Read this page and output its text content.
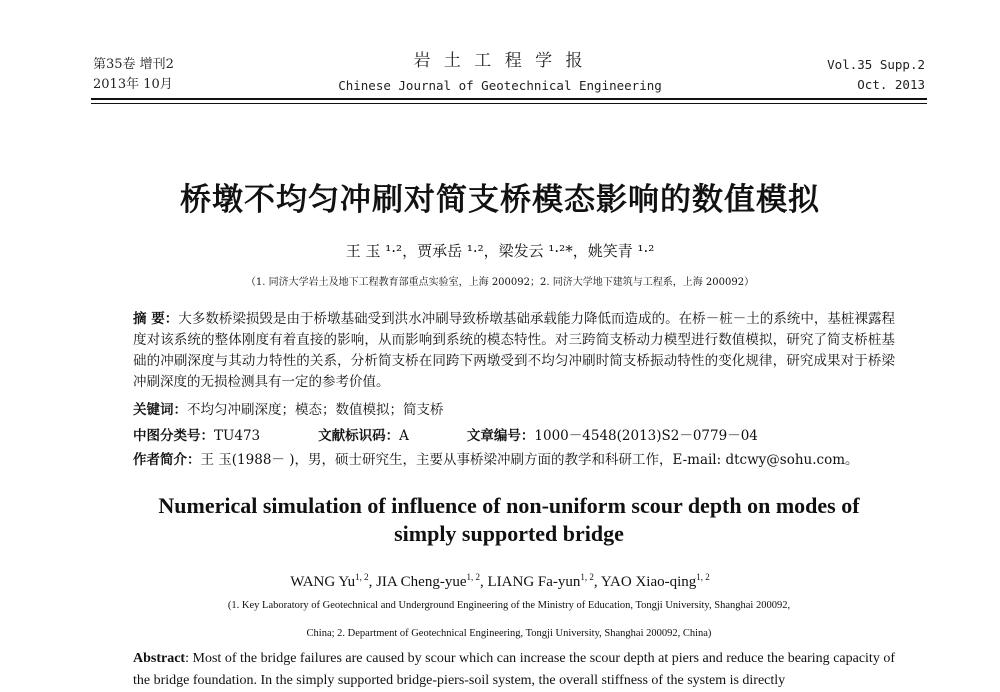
第35卷 增刊2
2013年 10月
岩 土 工 程 学 报
Chinese Journal of Geotechnical Engineering
Vol.35 Supp.2
Oct. 2013
桥墩不均匀冲刷对简支桥模态影响的数值模拟
王 玉 ¹·²，贾承岳 ¹·²，梁发云 ¹·²*，姚笑青 ¹·²
（1. 同济大学岩土及地下工程教育部重点实验室，上海 200092；2. 同济大学地下建筑与工程系，上海 200092）
摘 要：大多数桥梁损毁是由于桥墩基础受到洪水冲刷导致桥墩基础承载能力降低而造成的。在桥－桩－土的系统中，基桩裸露程度对该系统的整体刚度有着直接的影响，从而影响到系统的模态特性。对三跨简支桥动力模型进行数值模拟，研究了简支桥桩基础的冲刷深度与其动力特性的关系，分析简支桥在同跨下两墩受到不均匀冲刷时简支桥振动特性的变化规律，研究成果对于桥梁冲刷深度的无损检测具有一定的参考价值。
关键词：不均匀冲刷深度；模态；数值模拟；简支桥
中图分类号：TU473	文献标识码：A	文章编号：1000－4548(2013)S2－0779－04
作者简介：王 玉(1988－ )，男，硕士研究生，主要从事桥梁冲刷方面的教学和科研工作，E-mail: dtcwy@sohu.com。
Numerical simulation of influence of non-uniform scour depth on modes of simply supported bridge
WANG Yu$^{1, 2}$, JIA Cheng-yue$^{1, 2}$, LIANG Fa-yun$^{1, 2}$, YAO Xiao-qing$^{1, 2}$
(1. Key Laboratory of Geotechnical and Underground Engineering of the Ministry of Education, Tongji University, Shanghai 200092,
China; 2. Department of Geotechnical Engineering, Tongji University, Shanghai 200092, China)
Abstract: Most of the bridge failures are caused by scour which can increase the scour depth at piers and reduce the bearing capacity of the bridge foundation. In the simply supported bridge-piers-soil system, the overall stiffness of the system is directly
